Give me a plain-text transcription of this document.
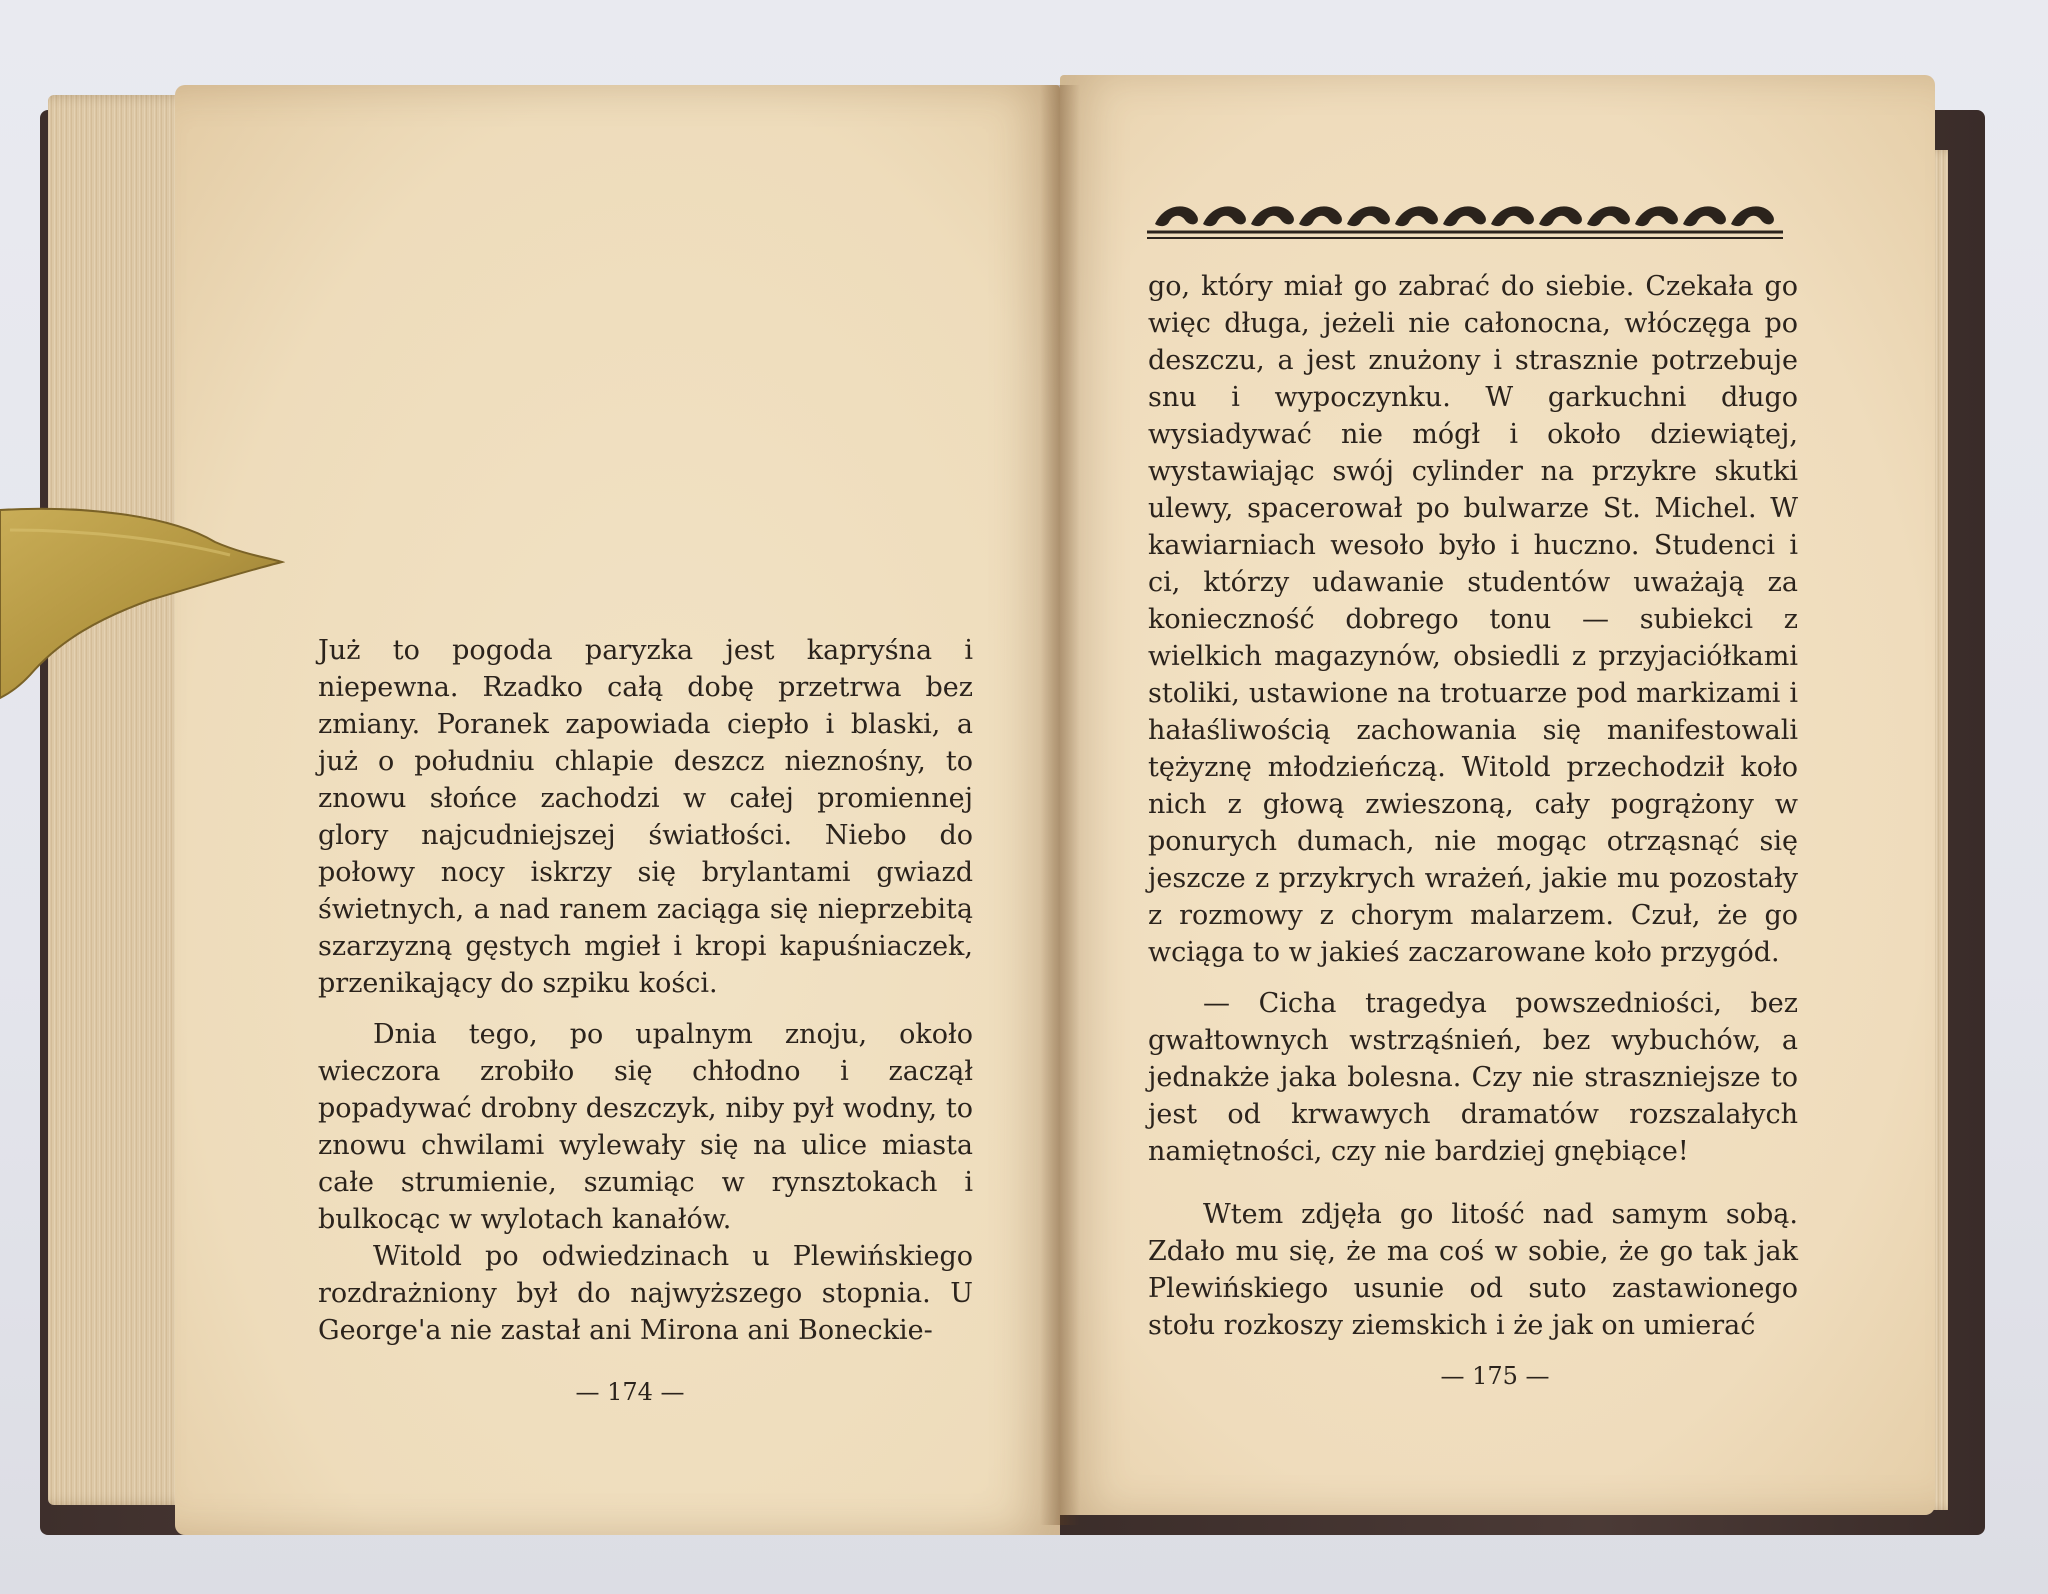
Już to pogoda paryzka jest kapryśna i niepewna. Rzadko całą dobę przetrwa bez zmiany. Poranek zapowiada ciepło i blaski, a już o południu chlapie deszcz nieznośny, to znowu słońce zachodzi w całej promiennej glory najcudniejszej światłości. Niebo do połowy nocy iskrzy się brylantami gwiazd świetnych, a nad ranem zaciąga się nieprzebitą szarzyzną gęstych mgieł i kropi kapuśniaczek, przenikający do szpiku kości.

Dnia tego, po upalnym znoju, około wieczora zrobiło się chłodno i zaczął popadywać drobny deszczyk, niby pył wodny, to znowu chwilami wylewały się na ulice miasta całe strumienie, szumiąc w rynsztokach i bulkocąc w wylotach kanałów.

Witold po odwiedzinach u Plewińskiego rozdrażniony był do najwyższego stopnia. U George'a nie zastał ani Mirona ani Boneckie-

— 174 —

go, który miał go zabrać do siebie. Czekała go więc długa, jeżeli nie całonocna, włóczęga po deszczu, a jest znużony i strasznie potrzebuje snu i wypoczynku. W garkuchni długo wysiadywać nie mógł i około dziewiątej, wystawiając swój cylinder na przykre skutki ulewy, spacerował po bulwarze St. Michel. W kawiarniach wesoło było i huczno. Studenci i ci, którzy udawanie studentów uważają za konieczność dobrego tonu — subiekci z wielkich magazynów, obsiedli z przyjaciółkami stoliki, ustawione na trotuarze pod markizami i hałaśliwością zachowania się manifestowali tężyznę młodzieńczą. Witold przechodził koło nich z głową zwieszoną, cały pogrążony w ponurych dumach, nie mogąc otrząsnąć się jeszcze z przykrych wrażeń, jakie mu pozostały z rozmowy z chorym malarzem. Czuł, że go wciąga to w jakieś zaczarowane koło przygód.

— Cicha tragedya powszedniości, bez gwałtownych wstrząśnień, bez wybuchów, a jednakże jaka bolesna. Czy nie straszniejsze to jest od krwawych dramatów rozszalałych namiętności, czy nie bardziej gnębiące!

Wtem zdjęła go litość nad samym sobą. Zdało mu się, że ma coś w sobie, że go tak jak Plewińskiego usunie od suto zastawionego stołu rozkoszy ziemskich i że jak on umierać

— 175 —
